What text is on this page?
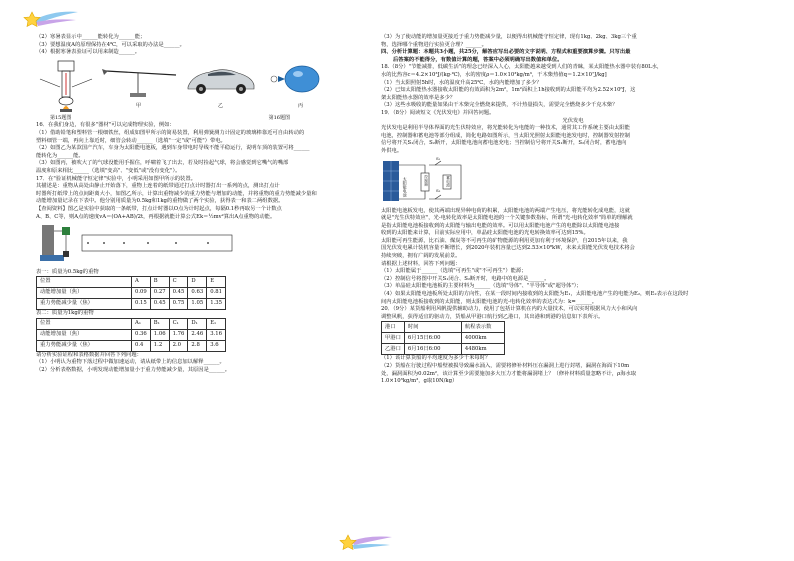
（2）寒暑表显示中______能转化为______能；

（3）要想温度A的原理保持在4℃，可以采取的办法是______。

（4）根据寒暑表验证可以用来制造______。

甲	乙	丙
第15题图	第16题图

16．在我们身边，有很多"器材"可以完成物理实验，例如：

（1）借助铅笔和塑料管一根细铁丝，组成如图甲所示的简易装置，利用弹簧测力计固定的玻璃棒靠近可自由转动的

塑料细管一端，再向上靠近时，细管会转动______（选填"一定"或"可能"）带电。

（2）如图乙为某款国产汽车，车身为太阳能电池板，遇到车身带电时导线不能平稳运行，说明车顶的装置可将______

能转化为______能。

（3）如图丙，被吹大了的气球没能用手握住，呼啸着飞了出去，若及时捡起气球，将会感觉到它嘴气的嘴部

温度和原来相比______（选填"变高"、"变低"或"没有变化"）。

17．在"验证机械能守恒定律"实验中，小明采用如图甲所示的装置。

其描述是：重物从高处由静止开始落下，重物上连着的纸带通过打点计时器打出一系列的点，测出打点计

时器所打纸带上的点间距离大小，如图乙所示，计算出重物减少的重力势能与增加的动能，并将重物的重力势能减少量和

动能增加量记录在下表中。他分别用质量为0.5kg和1kg的重物做了两个实验，获得表一和表二两组数据。

【查阅资料】图乙是实验中获取的一条纸带，打点计时器以O点为计时起点，每隔0.1秒再取另一个计数点

A、B、C等，则A点的速度vA＝(OA+AB)/2t，再根据就能计算公式Ek＝½mv²算出A点重物的动能。

表一：质量为0.5kg的重物

位置	A	B	C	D	E
动能增加量（焦）	0.09	0.27	0.45	0.63	0.81
重力势能减少量（焦）	0.15	0.45	0.75	1.05	1.35

表二：质量为1kg的重物

位置	A₁	B₁	C₁	D₁	E₁
动能增加量（焦）	0.36	1.06	1.76	2.46	3.16
重力势能减少量（焦）	0.4	1.2	2.0	2.8	3.6

请分析实验证程和表格数据并回答下列问题：

（1）小明认为重物下落过程中做加速运动，请从纸带上的信息加以解释______。

（2）分析表格数据，小明发现动能增加量小于重力势能减少量，其原因是______。

（3）为了使动能的增加量更接近于重力势能减少量，以便得出机械能守恒定律，现有1kg、2kg、3kg三个重

物，选择哪个重物进行实验更合理？______。

四、分析计算题：本题共3小题，共25分，解答应写出必要的文字说明、方程式和重要演算步骤。只写出最

后答案的不能得分，有数值计算的题，答案中必须明确写出数值和单位。

18.（8分）"节能减排，低碳生活"的理念已经深入人心，太阳能越来越受到人们的青睐，某太阳能热水器中装有80L水，

水的比热容c＝4.2×10³J/(kg·℃)，水的密度ρ＝1.0×10³kg/m³，干木柴热值q＝1.2×10⁷J/kg]

（1）当太阳照射5h时，水的温度升高25℃，水的内能增加了多少？

（2）已知太阳能热水器接收太阳能的有效面积为2m²，1m²面积上1h接收到的太阳能平均为2.52×10⁶J，这

架太阳能热水器的效率是多少？

（3）这些水吸收的能量如果由干木柴完全燃烧来提供，不计热量损失，需要完全燃烧多少千克木柴？

19．（8分）阅读短文《光伏发电》并回答问题。

光伏发电

光伏发电是利用半导体界面的光生伏特效应，将光能转化为电能的一种技术，通常其工作系统主要由太阳能

电池，控制器和蓄电池等部分组成，简化电路如图所示，当太阳光照射太阳能电池发电时，控制器发射控制

信号将开关S₁闭合，S₂断开，太阳能电池向蓄电池充电；当控制信号将开关S₁断开，S₂闭合时，蓄电池向

外供电。

太阳能电池	控制器	蓄电池
S₁
S₂

太阳能电池板发电，使其两端出现异种电荷的积累，太阳能电池的两端产生电压，将光能转化成电能，这就

就是"光生伏特效应"，光-电转化效率是太阳能电池的一个关键参数指标，所谓"光-电转化效率"简单的理解就

是指太阳能电池板接收到的太阳能与输出电能的效率。可以用太阳能电池产生的电能除以太阳能电池接

收到的太阳能来计算，目前实际应用中，单晶硅太阳能电池的光电转换效率可达到15%。

太阳能可再生能源，比石油、煤炭等不可再生的矿物能源的利用更加有利于环境保护，自2015年以来，我

国光伏发电累计装机容量不断增长，到2020年装机容量已达到2.53×10⁸kW，未来太阳能光伏发电技术将会

持续突破，拥有广阔的发展前景。

请根据上述材料，回答下列问题：

（1）太阳能属于______（选填"可再生"或"不可再生"）能源；

（2）控制信号将图中开关S₁闭合、S₂断开时，电路中的电源是______。

（3）单晶硅太阳能电池板的主要材料为______（选填"导体"、"半导体"或"超导体"）；

（4）如果太阳能电池板所处太阳的方向性，在某一段时间内接收到的太阳能为E₁，太阳能电池产生的电能为E₂，则E₂表示在这段时

间内太阳能电池板接收到的太阳能，则太阳能电池的光-电转化效率的表达式为：k=______。

20．（9分）某货船利用风帆提供辅助动力，使用了包括计算机在内的大量技术，可以实时根据风力大小和风向

调整风帆，获得适宜的驱动力，货船从甲港口航行到乙港口，其出港和到港的信息如下表所示。

港口	时间	航程表示数
甲港口	6月15日6:00	4000km
乙港口	6月16日6:00	4480km

（1）该计算货船的平均速度为多少千米每时？

（2）货船在行驶过程中船壁被损导致漏水涌入，需要将修补材料压在漏洞上进行封堵，漏洞在海面下10m

处，漏洞面积为0.02m²，该计算至少需要施加多大压力才能将漏洞堵上？（修补材料质量忽略不计，ρ海水取

1.0×10³kg/m³，g取10N/kg）
